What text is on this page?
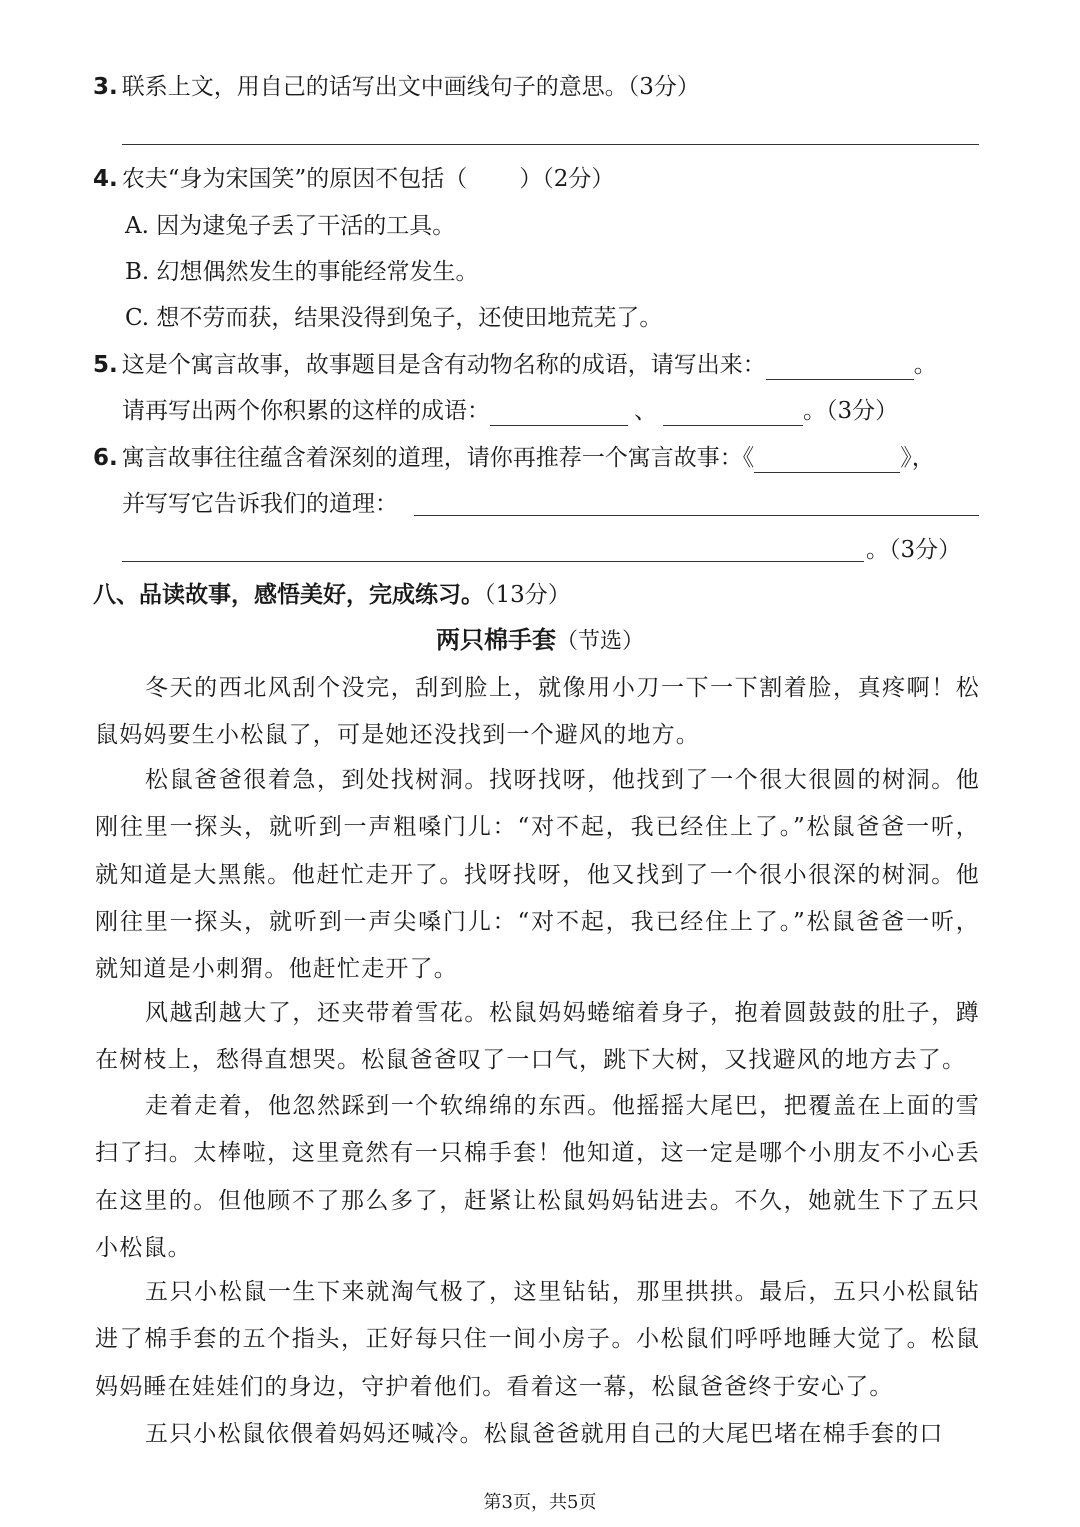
3. 联系上文，用自己的话写出文中画线句子的意思。（3分）
4. 农夫“身为宋国笑”的原因不包括（ ）（2分）
A. 因为逮兔子丢了干活的工具。
B. 幻想偶然发生的事能经常发生。
C. 想不劳而获，结果没得到兔子，还使田地荒芜了。
5. 这是个寓言故事，故事题目是含有动物名称的成语，请写出来：	。
请再写出两个你积累的这样的成语：	、	。（3分）
6. 寓言故事往往蕴含着深刻的道理，请你再推荐一个寓言故事：《	》，
并写写它告诉我们的道理：
。（3分）
八、品读故事，感悟美好，完成练习。（13分）
两只棉手套（节选）
冬天的西北风刮个没完，刮到脸上，就像用小刀一下一下割着脸，真疼啊！松鼠妈妈要生小松鼠了，可是她还没找到一个避风的地方。
松鼠爸爸很着急，到处找树洞。找呀找呀，他找到了一个很大很圆的树洞。他刚往里一探头，就听到一声粗嗓门儿：“对不起，我已经住上了。”松鼠爸爸一听，就知道是大黑熊。他赶忙走开了。找呀找呀，他又找到了一个很小很深的树洞。他刚往里一探头，就听到一声尖嗓门儿：“对不起，我已经住上了。”松鼠爸爸一听，就知道是小刺猬。他赶忙走开了。
风越刮越大了，还夹带着雪花。松鼠妈妈蜷缩着身子，抱着圆鼓鼓的肚子，蹲在树枝上，愁得直想哭。松鼠爸爸叹了一口气，跳下大树，又找避风的地方去了。
走着走着，他忽然踩到一个软绵绵的东西。他摇摇大尾巴，把覆盖在上面的雪扫了扫。太棒啦，这里竟然有一只棉手套！他知道，这一定是哪个小朋友不小心丢在这里的。但他顾不了那么多了，赶紧让松鼠妈妈钻进去。不久，她就生下了五只小松鼠。
五只小松鼠一生下来就淘气极了，这里钻钻，那里拱拱。最后，五只小松鼠钻进了棉手套的五个指头，正好每只住一间小房子。小松鼠们呼呼地睡大觉了。松鼠妈妈睡在娃娃们的身边，守护着他们。看着这一幕，松鼠爸爸终于安心了。
五只小松鼠依偎着妈妈还喊冷。松鼠爸爸就用自己的大尾巴堵在棉手套的口
第3页，共5页
